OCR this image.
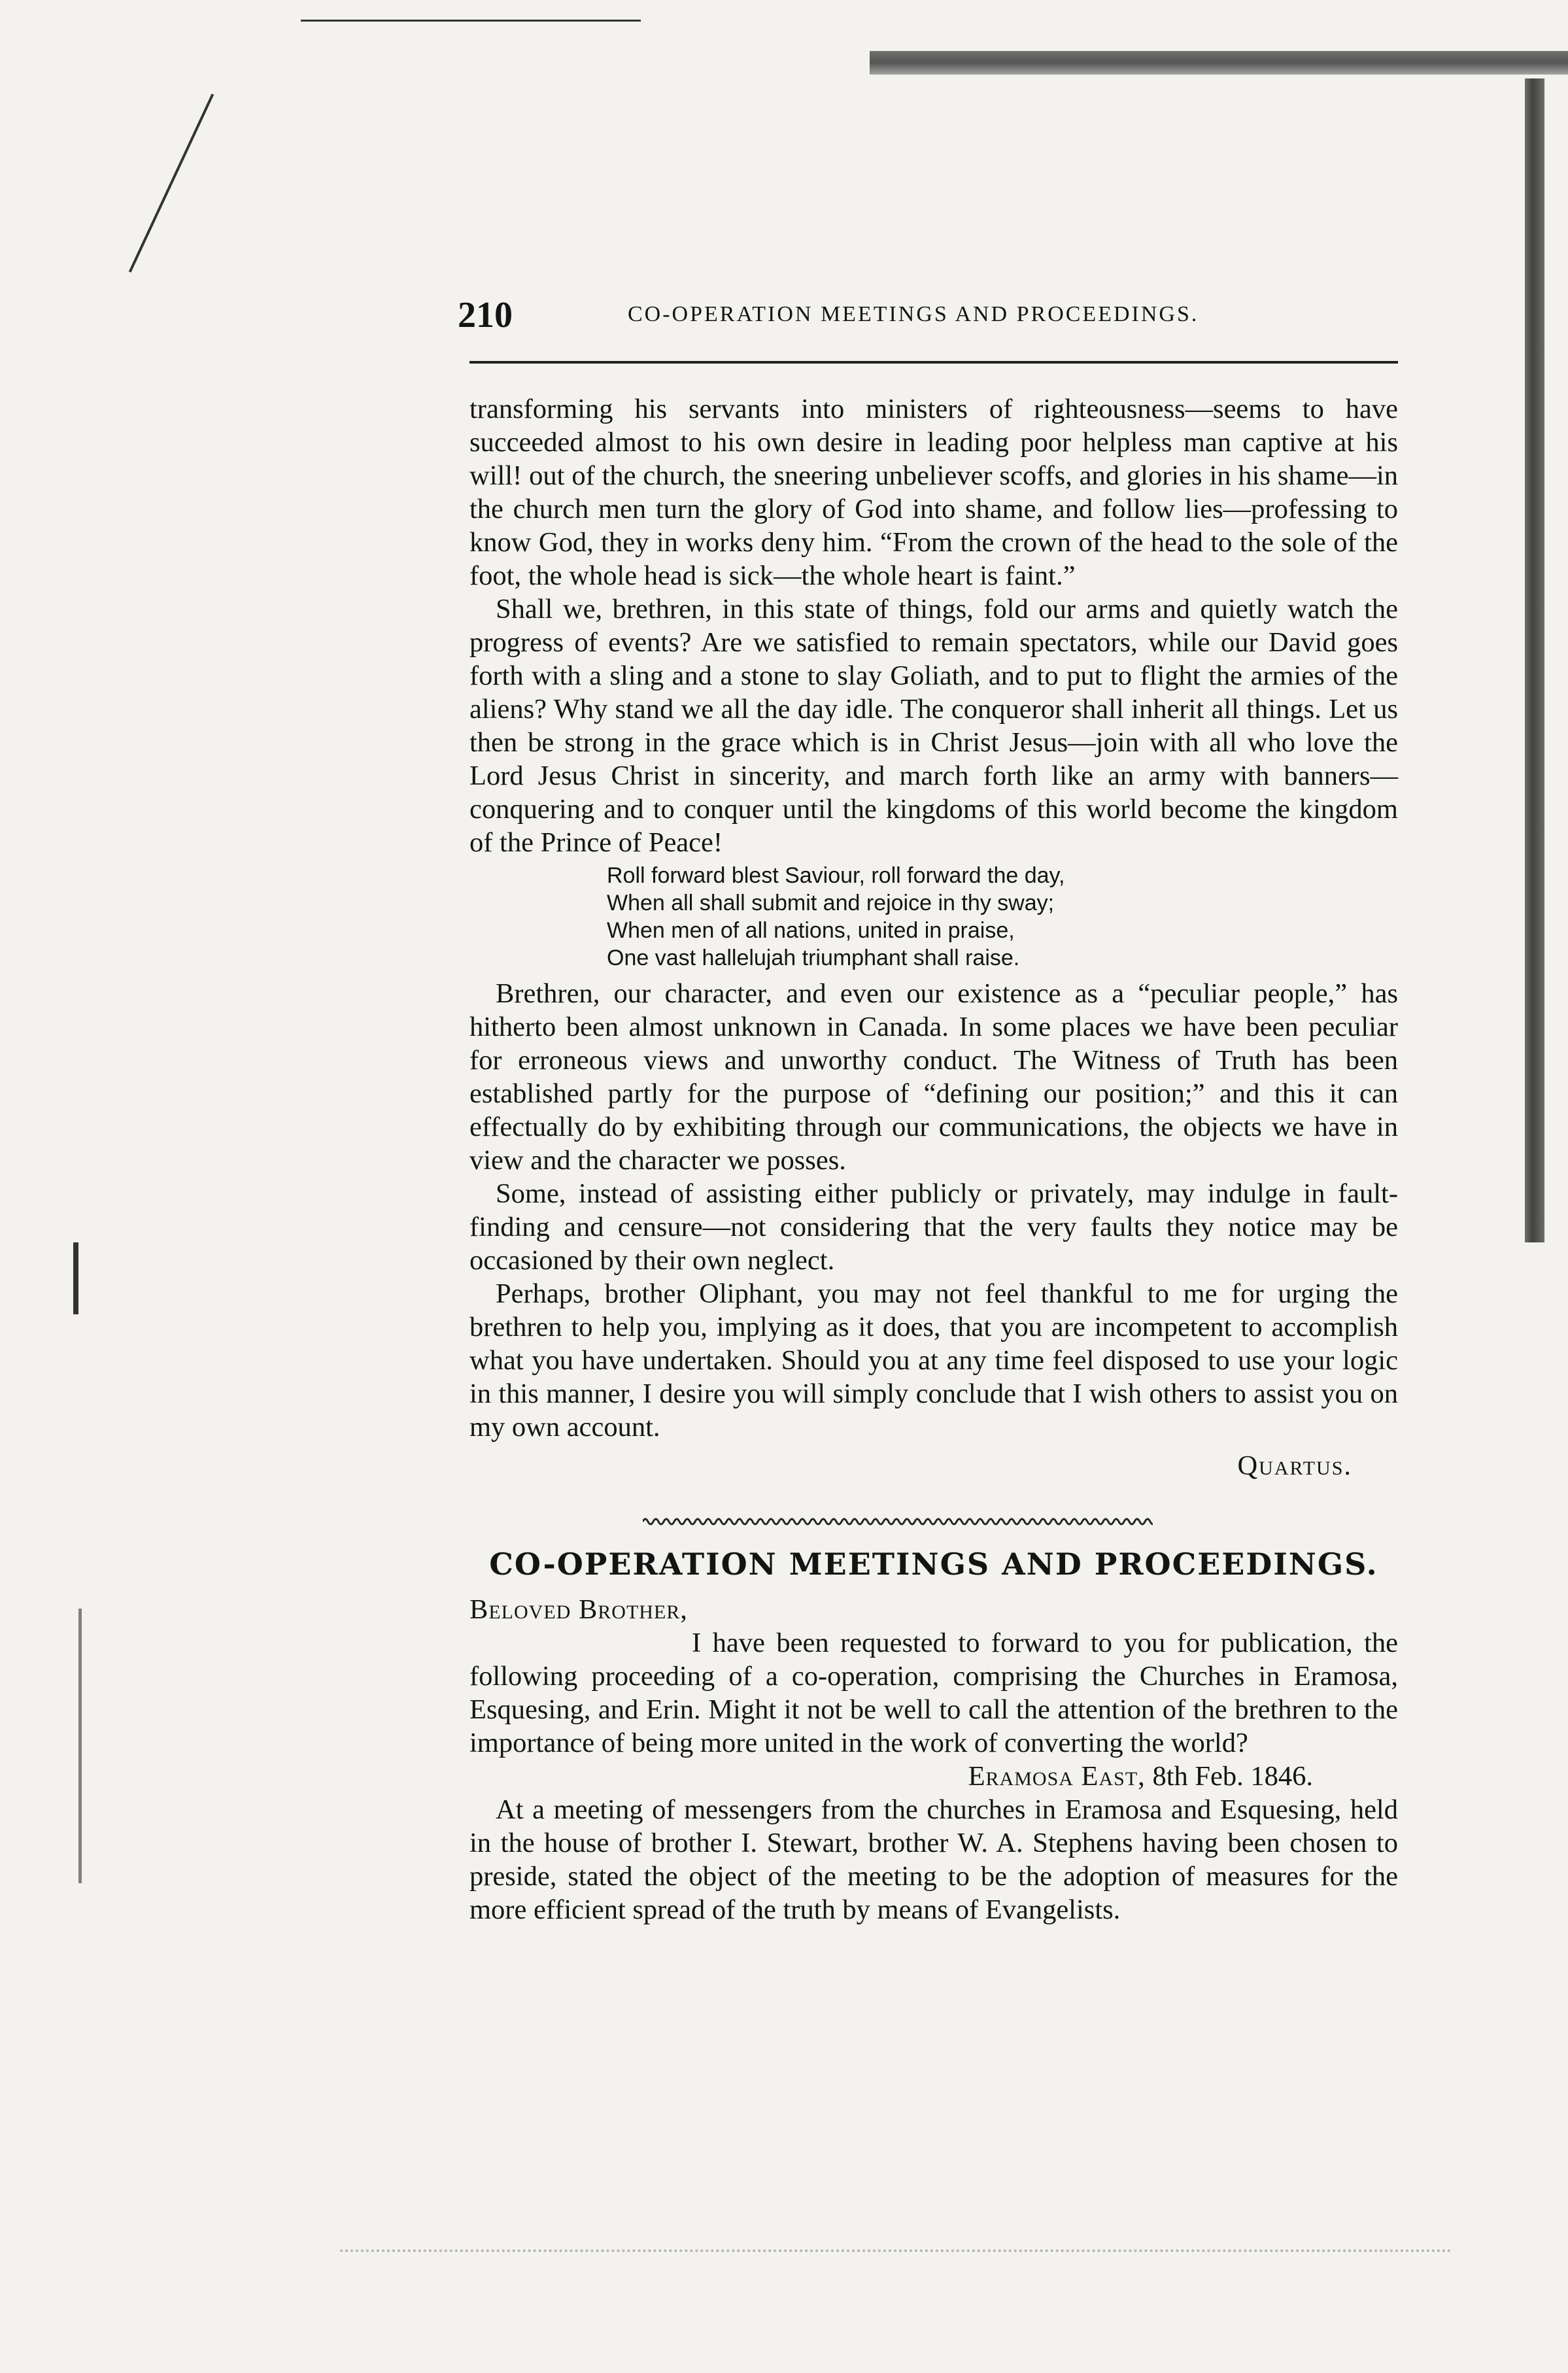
210	CO-OPERATION MEETINGS AND PROCEEDINGS.

transforming his servants into ministers of righteousness—seems to have succeeded almost to his own desire in leading poor helpless man captive at his will! out of the church, the sneering unbeliever scoffs, and glories in his shame—in the church men turn the glory of God into shame, and follow lies—professing to know God, they in works deny him. “From the crown of the head to the sole of the foot, the whole head is sick—the whole heart is faint.”

Shall we, brethren, in this state of things, fold our arms and quietly watch the progress of events? Are we satisfied to remain spectators, while our David goes forth with a sling and a stone to slay Goliath, and to put to flight the armies of the aliens? Why stand we all the day idle. The conqueror shall inherit all things. Let us then be strong in the grace which is in Christ Jesus—join with all who love the Lord Jesus Christ in sincerity, and march forth like an army with banners—conquering and to conquer until the kingdoms of this world become the kingdom of the Prince of Peace!

Roll forward blest Saviour, roll forward the day,
When all shall submit and rejoice in thy sway;
When men of all nations, united in praise,
One vast hallelujah triumphant shall raise.

Brethren, our character, and even our existence as a “peculiar people,” has hitherto been almost unknown in Canada. In some places we have been peculiar for erroneous views and unworthy conduct. The Witness of Truth has been established partly for the purpose of “defining our position;” and this it can effectually do by exhibiting through our communications, the objects we have in view and the character we posses.

Some, instead of assisting either publicly or privately, may indulge in fault-finding and censure—not considering that the very faults they notice may be occasioned by their own neglect.

Perhaps, brother Oliphant, you may not feel thankful to me for urging the brethren to help you, implying as it does, that you are incompetent to accomplish what you have undertaken. Should you at any time feel disposed to use your logic in this manner, I desire you will simply conclude that I wish others to assist you on my own account.

Quartus.

CO-OPERATION MEETINGS AND PROCEEDINGS.

Beloved Brother,

I have been requested to forward to you for publication, the following proceeding of a co-operation, comprising the Churches in Eramosa, Esquesing, and Erin. Might it not be well to call the attention of the brethren to the importance of being more united in the work of converting the world?

Eramosa East, 8th Feb. 1846.

At a meeting of messengers from the churches in Eramosa and Esquesing, held in the house of brother I. Stewart, brother W. A. Stephens having been chosen to preside, stated the object of the meeting to be the adoption of measures for the more efficient spread of the truth by means of Evangelists.
